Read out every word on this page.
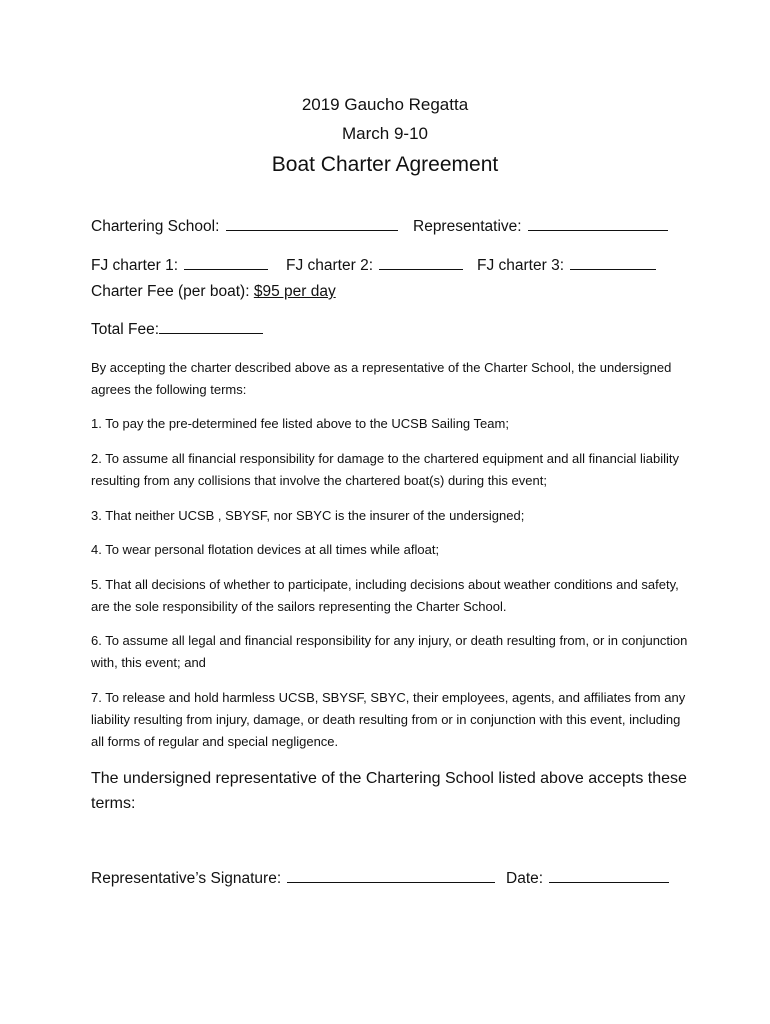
2019 Gaucho Regatta
March 9-10
Boat Charter Agreement
Chartering School:	Representative:
FJ charter 1:	FJ charter 2:	FJ charter 3:
Charter Fee (per boat): $95 per day
Total Fee:
By accepting the charter described above as a representative of the Charter School, the undersigned agrees the following terms:
1. To pay the pre-determined fee listed above to the UCSB Sailing Team;
2. To assume all financial responsibility for damage to the chartered equipment and all financial liability resulting from any collisions that involve the chartered boat(s) during this event;
3. That neither UCSB , SBYSF, nor SBYC is the insurer of the undersigned;
4. To wear personal flotation devices at all times while afloat;
5. That all decisions of whether to participate, including decisions about weather conditions and safety, are the sole responsibility of the sailors representing the Charter School.
6. To assume all legal and financial responsibility for any injury, or death resulting from, or in conjunction with, this event; and
7. To release and hold harmless UCSB, SBYSF, SBYC, their employees, agents, and affiliates from any liability resulting from injury, damage, or death resulting from or in conjunction with this event, including all forms of regular and special negligence.
The undersigned representative of the Chartering School listed above accepts these terms:
Representative’s Signature:	Date:
